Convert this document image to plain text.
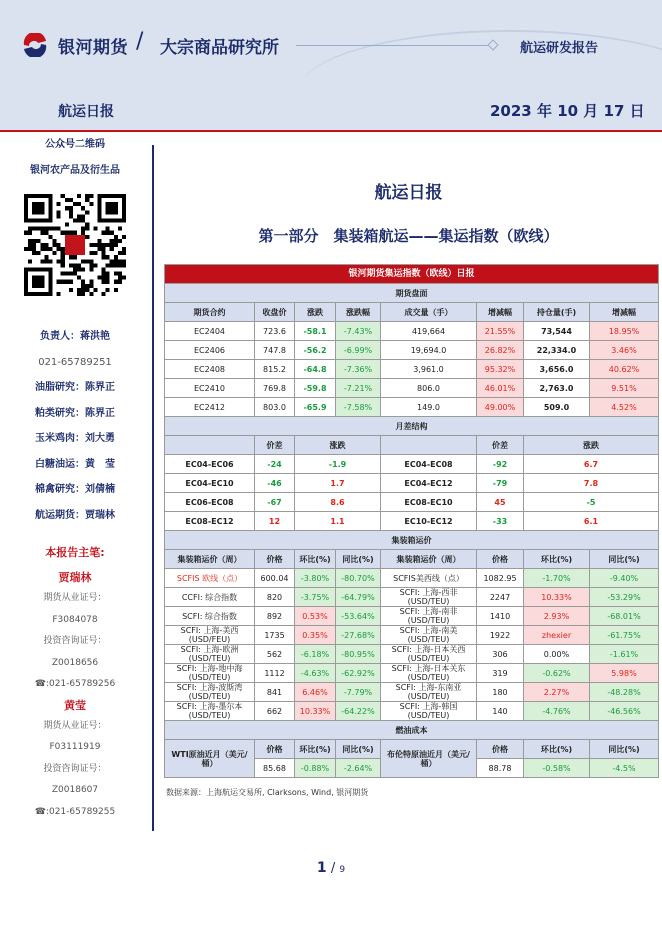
银河期货 / 大宗商品研究所	航运研发报告
航运日报	2023 年 10 月 17 日
公众号二维码
银河农产品及衍生品
负责人：蒋洪艳
021-65789251
油脂研究：陈界正
粕类研究：陈界正
玉米鸡肉：刘大勇
白糖油运：黄　莹
棉禽研究：刘倩楠
航运期货：贾瑞林
本报告主笔:
贾瑞林
期货从业证号：
F3084078
投资咨询证号：
Z0018656
☎:021-65789256
黄莹
期货从业证号：
F03111919
投资咨询证号：
Z0018607
☎:021-65789255
航运日报
第一部分　集装箱航运——集运指数（欧线）
银河期货集运指数（欧线）日报							
期货盘面							
期货合约	收盘价	涨跌	涨跌幅	成交量（手）	增减幅	持仓量(手)	增减幅
EC2404	723.6	-58.1	-7.43%	419,664	21.55%	73,544	18.95%
EC2406	747.8	-56.2	-6.99%	19,694.0	26.82%	22,334.0	3.46%
EC2408	815.2	-64.8	-7.36%	3,961.0	95.32%	3,656.0	40.62%
EC2410	769.8	-59.8	-7.21%	806.0	46.01%	2,763.0	9.51%
EC2412	803.0	-65.9	-7.58%	149.0	49.00%	509.0	4.52%
月差结构							
	价差	涨跌			价差	涨跌	
EC04-EC06	-24	-1.9		EC04-EC08	-92	6.7	
EC04-EC10	-46	1.7		EC04-EC12	-79	7.8	
EC06-EC08	-67	8.6		EC08-EC10	45	-5	
EC08-EC12	12	1.1		EC10-EC12	-33	6.1	
集装箱运价							
集装箱运价（周）	价格	环比(%)	同比(%)	集装箱运价（周）	价格	环比(%)	同比(%)
SCFIS 欧线（点）	600.04	-3.80%	-80.70%	SCFIS美西线（点）	1082.95	-1.70%	-9.40%
CCFI: 综合指数	820	-3.75%	-64.79%	SCFI: 上海-西非 (USD/TEU)	2247	10.33%	-53.29%
SCFI: 综合指数	892	0.53%	-53.64%	SCFI: 上海-南非 (USD/TEU)	1410	2.93%	-68.01%
SCFI: 上海-美西 (USD/FEU)	1735	0.35%	-27.68%	SCFI: 上海-南美 (USD/TEU)	1922	zhexier	-61.75%
SCFI: 上海-欧洲 (USD/TEU)	562	-6.18%	-80.95%	SCFI: 上海-日本关西 (USD/TEU)	306	0.00%	-1.61%
SCFI: 上海-地中海 (USD/TEU)	1112	-4.63%	-62.92%	SCFI: 上海-日本关东 (USD/TEU)	319	-0.62%	5.98%
SCFI: 上海-波斯湾 (USD/TEU)	841	6.46%	-7.79%	SCFI: 上海-东南亚 (USD/TEU)	180	2.27%	-48.28%
SCFI: 上海-墨尔本 (USD/TEU)	662	10.33%	-64.22%	SCFI: 上海-韩国 (USD/TEU)	140	-4.76%	-46.56%
燃油成本							
WTI原油近月（美元/桶）	价格	环比(%)	同比(%)	布伦特原油近月（美元/桶）	价格	环比(%)	同比(%)
	85.68	-0.88%	-2.64%		88.78	-0.58%	-4.5%
数据来源：上海航运交易所, Clarksons, Wind, 银河期货
1 / 9
